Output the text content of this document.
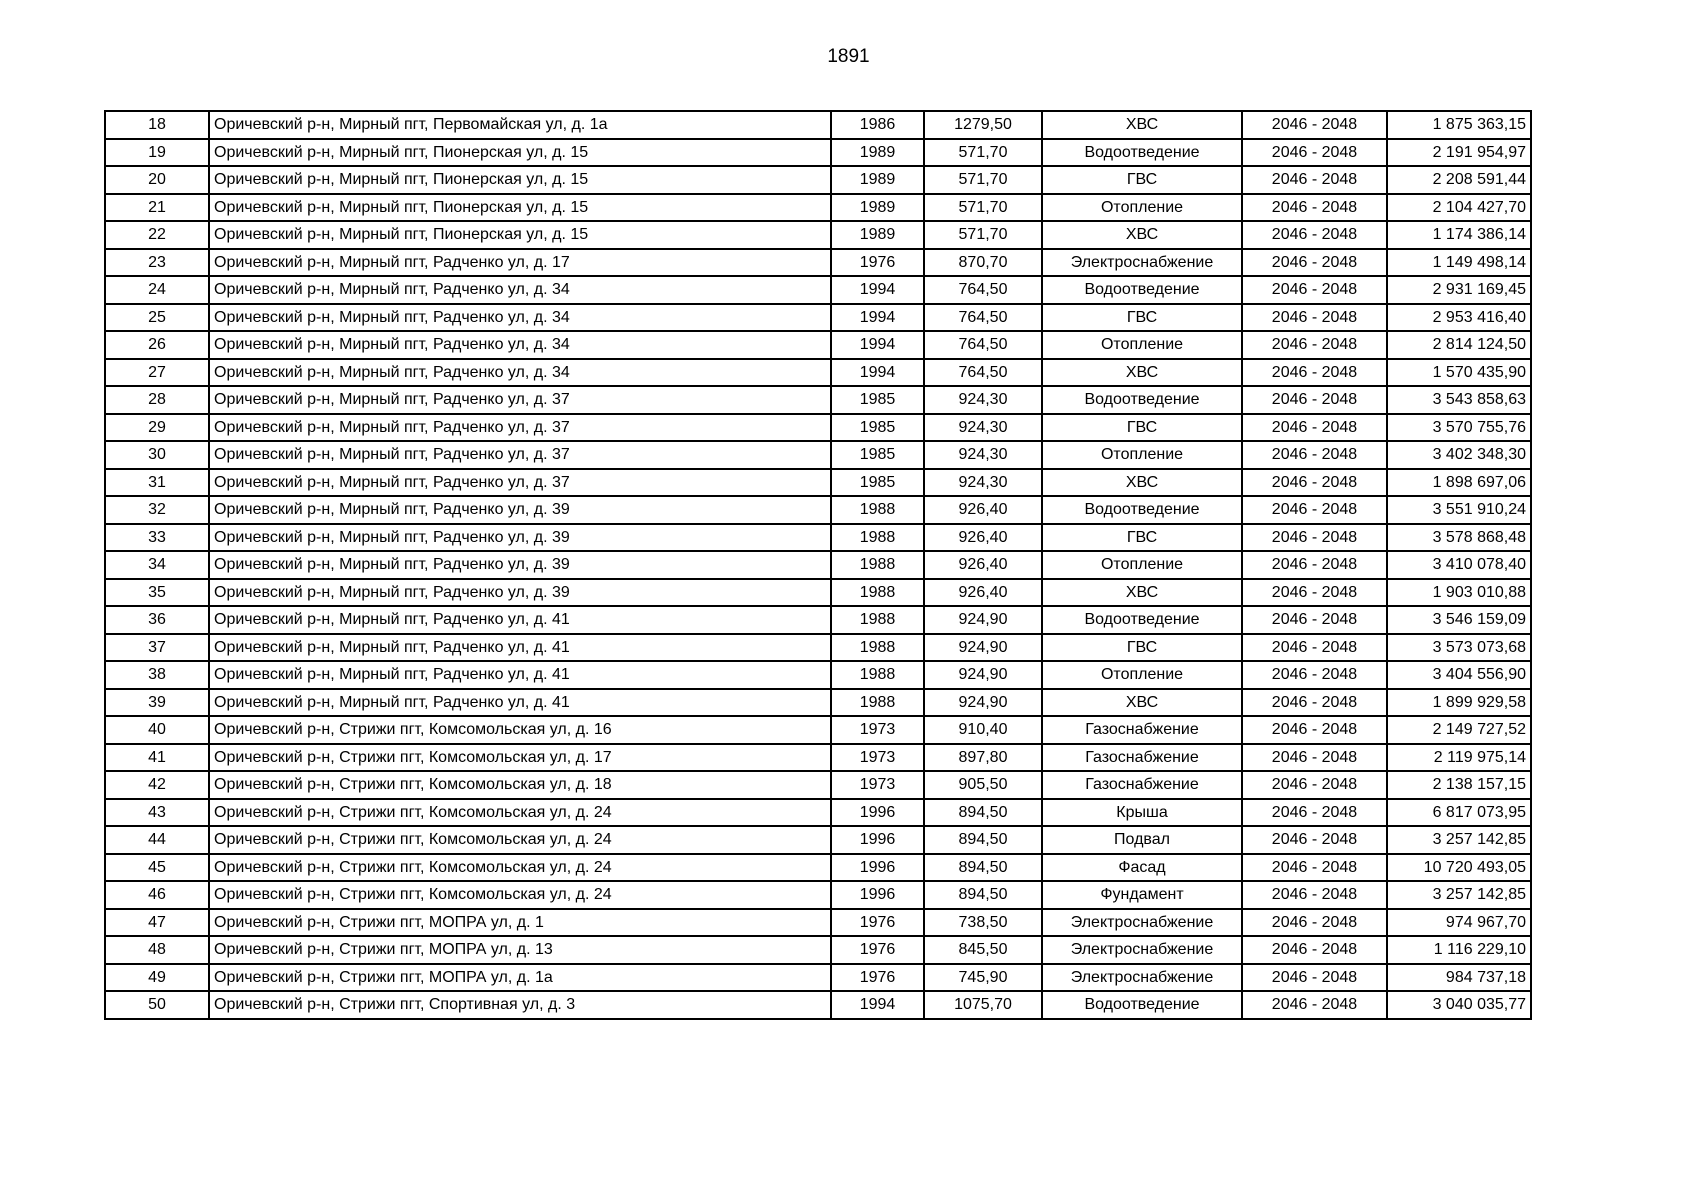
1891
18	Оричевский р-н, Мирный пгт, Первомайская ул, д. 1а	1986	1279,50	ХВС	2046 - 2048	1 875 363,15
19	Оричевский р-н, Мирный пгт, Пионерская ул, д. 15	1989	571,70	Водоотведение	2046 - 2048	2 191 954,97
20	Оричевский р-н, Мирный пгт, Пионерская ул, д. 15	1989	571,70	ГВС	2046 - 2048	2 208 591,44
21	Оричевский р-н, Мирный пгт, Пионерская ул, д. 15	1989	571,70	Отопление	2046 - 2048	2 104 427,70
22	Оричевский р-н, Мирный пгт, Пионерская ул, д. 15	1989	571,70	ХВС	2046 - 2048	1 174 386,14
23	Оричевский р-н, Мирный пгт, Радченко ул, д. 17	1976	870,70	Электроснабжение	2046 - 2048	1 149 498,14
24	Оричевский р-н, Мирный пгт, Радченко ул, д. 34	1994	764,50	Водоотведение	2046 - 2048	2 931 169,45
25	Оричевский р-н, Мирный пгт, Радченко ул, д. 34	1994	764,50	ГВС	2046 - 2048	2 953 416,40
26	Оричевский р-н, Мирный пгт, Радченко ул, д. 34	1994	764,50	Отопление	2046 - 2048	2 814 124,50
27	Оричевский р-н, Мирный пгт, Радченко ул, д. 34	1994	764,50	ХВС	2046 - 2048	1 570 435,90
28	Оричевский р-н, Мирный пгт, Радченко ул, д. 37	1985	924,30	Водоотведение	2046 - 2048	3 543 858,63
29	Оричевский р-н, Мирный пгт, Радченко ул, д. 37	1985	924,30	ГВС	2046 - 2048	3 570 755,76
30	Оричевский р-н, Мирный пгт, Радченко ул, д. 37	1985	924,30	Отопление	2046 - 2048	3 402 348,30
31	Оричевский р-н, Мирный пгт, Радченко ул, д. 37	1985	924,30	ХВС	2046 - 2048	1 898 697,06
32	Оричевский р-н, Мирный пгт, Радченко ул, д. 39	1988	926,40	Водоотведение	2046 - 2048	3 551 910,24
33	Оричевский р-н, Мирный пгт, Радченко ул, д. 39	1988	926,40	ГВС	2046 - 2048	3 578 868,48
34	Оричевский р-н, Мирный пгт, Радченко ул, д. 39	1988	926,40	Отопление	2046 - 2048	3 410 078,40
35	Оричевский р-н, Мирный пгт, Радченко ул, д. 39	1988	926,40	ХВС	2046 - 2048	1 903 010,88
36	Оричевский р-н, Мирный пгт, Радченко ул, д. 41	1988	924,90	Водоотведение	2046 - 2048	3 546 159,09
37	Оричевский р-н, Мирный пгт, Радченко ул, д. 41	1988	924,90	ГВС	2046 - 2048	3 573 073,68
38	Оричевский р-н, Мирный пгт, Радченко ул, д. 41	1988	924,90	Отопление	2046 - 2048	3 404 556,90
39	Оричевский р-н, Мирный пгт, Радченко ул, д. 41	1988	924,90	ХВС	2046 - 2048	1 899 929,58
40	Оричевский р-н, Стрижи пгт, Комсомольская ул, д. 16	1973	910,40	Газоснабжение	2046 - 2048	2 149 727,52
41	Оричевский р-н, Стрижи пгт, Комсомольская ул, д. 17	1973	897,80	Газоснабжение	2046 - 2048	2 119 975,14
42	Оричевский р-н, Стрижи пгт, Комсомольская ул, д. 18	1973	905,50	Газоснабжение	2046 - 2048	2 138 157,15
43	Оричевский р-н, Стрижи пгт, Комсомольская ул, д. 24	1996	894,50	Крыша	2046 - 2048	6 817 073,95
44	Оричевский р-н, Стрижи пгт, Комсомольская ул, д. 24	1996	894,50	Подвал	2046 - 2048	3 257 142,85
45	Оричевский р-н, Стрижи пгт, Комсомольская ул, д. 24	1996	894,50	Фасад	2046 - 2048	10 720 493,05
46	Оричевский р-н, Стрижи пгт, Комсомольская ул, д. 24	1996	894,50	Фундамент	2046 - 2048	3 257 142,85
47	Оричевский р-н, Стрижи пгт, МОПРА ул, д. 1	1976	738,50	Электроснабжение	2046 - 2048	974 967,70
48	Оричевский р-н, Стрижи пгт, МОПРА ул, д. 13	1976	845,50	Электроснабжение	2046 - 2048	1 116 229,10
49	Оричевский р-н, Стрижи пгт, МОПРА ул, д. 1а	1976	745,90	Электроснабжение	2046 - 2048	984 737,18
50	Оричевский р-н, Стрижи пгт, Спортивная ул, д. 3	1994	1075,70	Водоотведение	2046 - 2048	3 040 035,77
